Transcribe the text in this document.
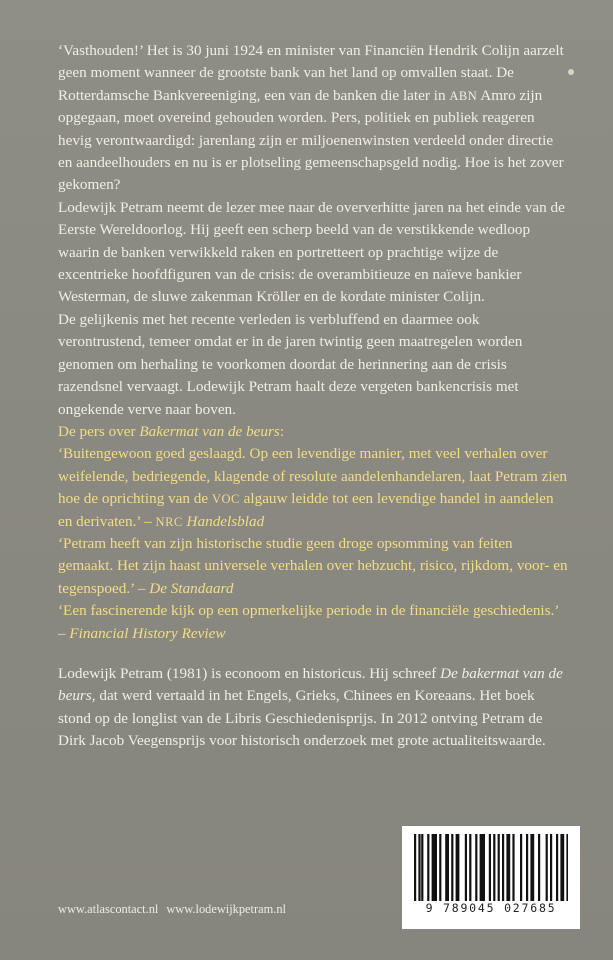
‘Vasthouden!’ Het is 30 juni 1924 en minister van Financiën Hendrik Colijn aarzelt geen moment wanneer de grootste bank van het land op omvallen staat. De Rotterdamsche Bankvereeniging, een van de banken die later in ABN Amro zijn opgegaan, moet overeind gehouden worden. Pers, politiek en publiek reageren hevig verontwaardigd: jarenlang zijn er miljoenenwinsten verdeeld onder directie en aandeelhouders en nu is er plotseling gemeenschapsgeld nodig. Hoe is het zover gekomen?

Lodewijk Petram neemt de lezer mee naar de oververhitte jaren na het einde van de Eerste Wereldoorlog. Hij geeft een scherp beeld van de verstikkende wedloop waarin de banken verwikkeld raken en portretteert op prachtige wijze de excentrieke hoofdfiguren van de crisis: de overambitieuze en naïeve bankier Westerman, de sluwe zakenman Kröller en de kordate minister Colijn.

De gelijkenis met het recente verleden is verbluffend en daarmee ook verontrustend, temeer omdat er in de jaren twintig geen maatregelen worden genomen om herhaling te voorkomen doordat de herinnering aan de crisis razendsnel vervaagt. Lodewijk Petram haalt deze vergeten bankencrisis met ongekende verve naar boven.

De pers over Bakermat van de beurs:

‘Buitengewoon goed geslaagd. Op een levendige manier, met veel verhalen over weifelende, bedriegende, klagende of resolute aandelenhandelaren, laat Petram zien hoe de oprichting van de VOC algauw leidde tot een levendige handel in aandelen en derivaten.’ – NRC Handelsblad

‘Petram heeft van zijn historische studie geen droge opsomming van feiten gemaakt. Het zijn haast universele verhalen over hebzucht, risico, rijkdom, voor- en tegenspoed.’ – De Standaard

‘Een fascinerende kijk op een opmerkelijke periode in de financiële geschiedenis.’
– Financial History Review

Lodewijk Petram (1981) is econoom en historicus. Hij schreef De bakermat van de beurs, dat werd vertaald in het Engels, Grieks, Chinees en Koreaans. Het boek stond op de longlist van de Libris Geschiedenisprijs. In 2012 ontving Petram de Dirk Jacob Veegensprijs voor historisch onderzoek met grote actualiteitswaarde.

9 789045 027685
www.atlascontact.nl www.lodewijkpetram.nl
